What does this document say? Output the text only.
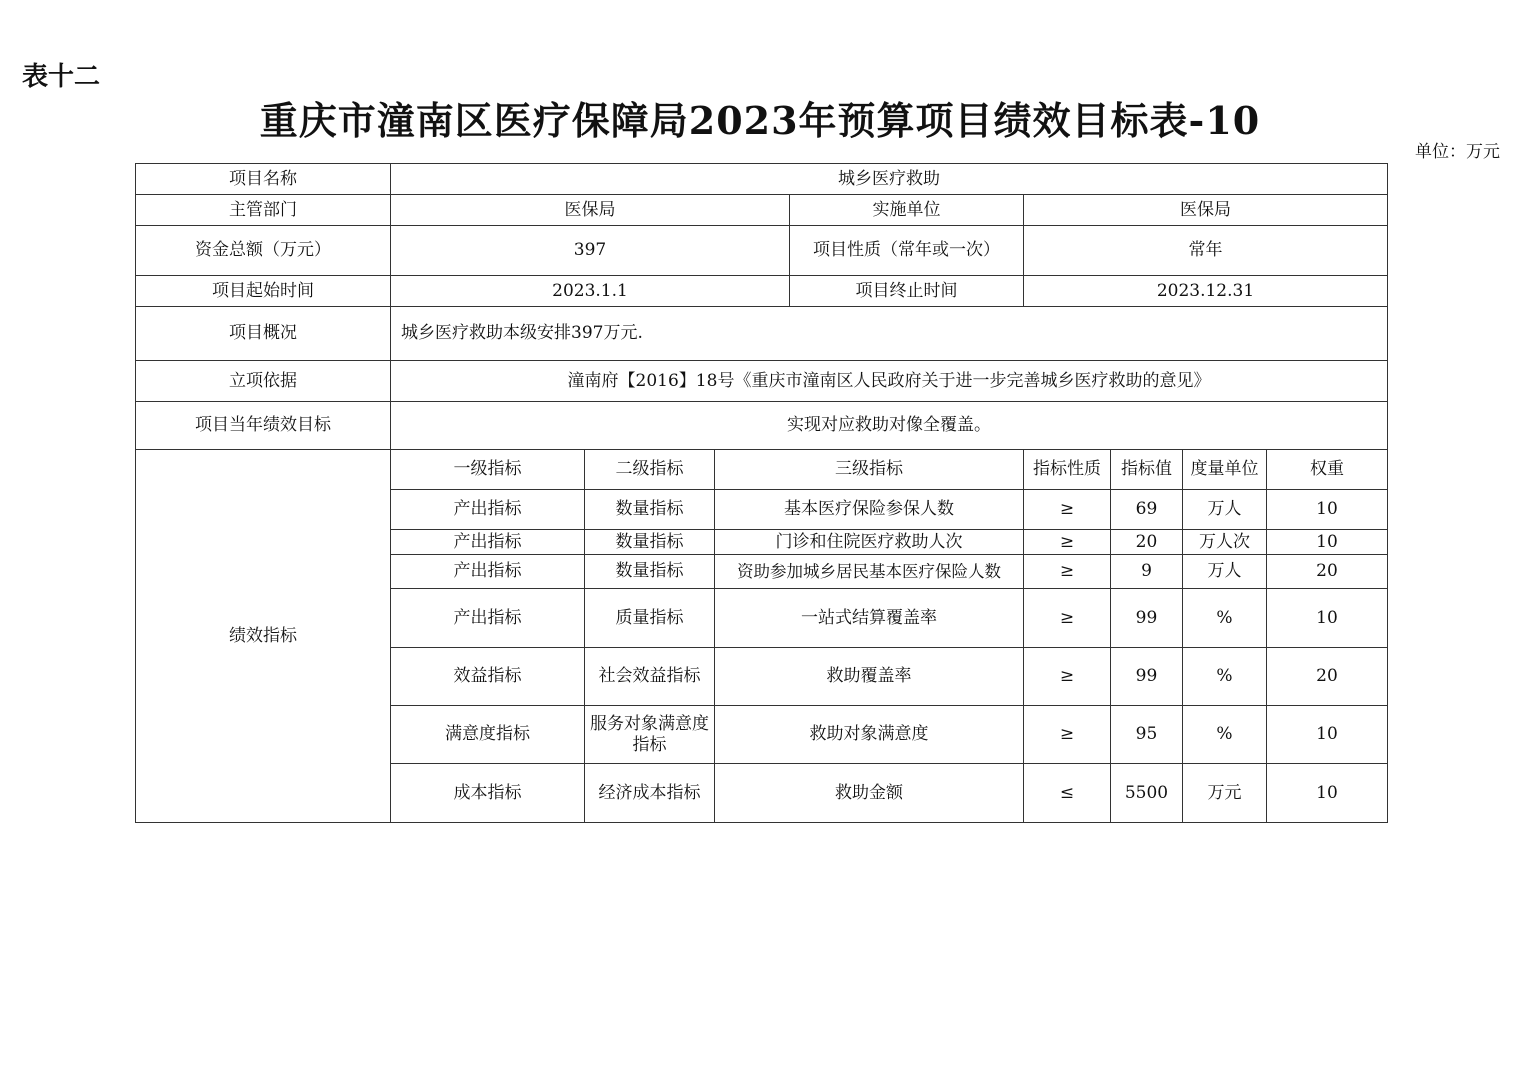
表十二
重庆市潼南区医疗保障局2023年预算项目绩效目标表-10
单位：万元
项目名称	城乡医疗救助							
主管部门	医保局			实施单位	医保局			
资金总额（万元）	397			项目性质（常年或一次）	常年			
项目起始时间	2023.1.1			项目终止时间	2023.12.31			
项目概况	城乡医疗救助本级安排397万元.							
立项依据	潼南府【2016】18号《重庆市潼南区人民政府关于进一步完善城乡医疗救助的意见》							
项目当年绩效目标	实现对应救助对像全覆盖。							
绩效指标	一级指标	二级指标	三级指标		指标性质	指标值	度量单位	权重
	产出指标	数量指标	基本医疗保险参保人数		≥	69	万人	10
	产出指标	数量指标	门诊和住院医疗救助人次		≥	20	万人次	10
	产出指标	数量指标	资助参加城乡居民基本医疗保险人数		≥	9	万人	20
	产出指标	质量指标	一站式结算覆盖率		≥	99	%	10
	效益指标	社会效益指标	救助覆盖率		≥	99	%	20
	满意度指标	服务对象满意度指标	救助对象满意度		≥	95	%	10
	成本指标	经济成本指标	救助金额		≤	5500	万元	10
